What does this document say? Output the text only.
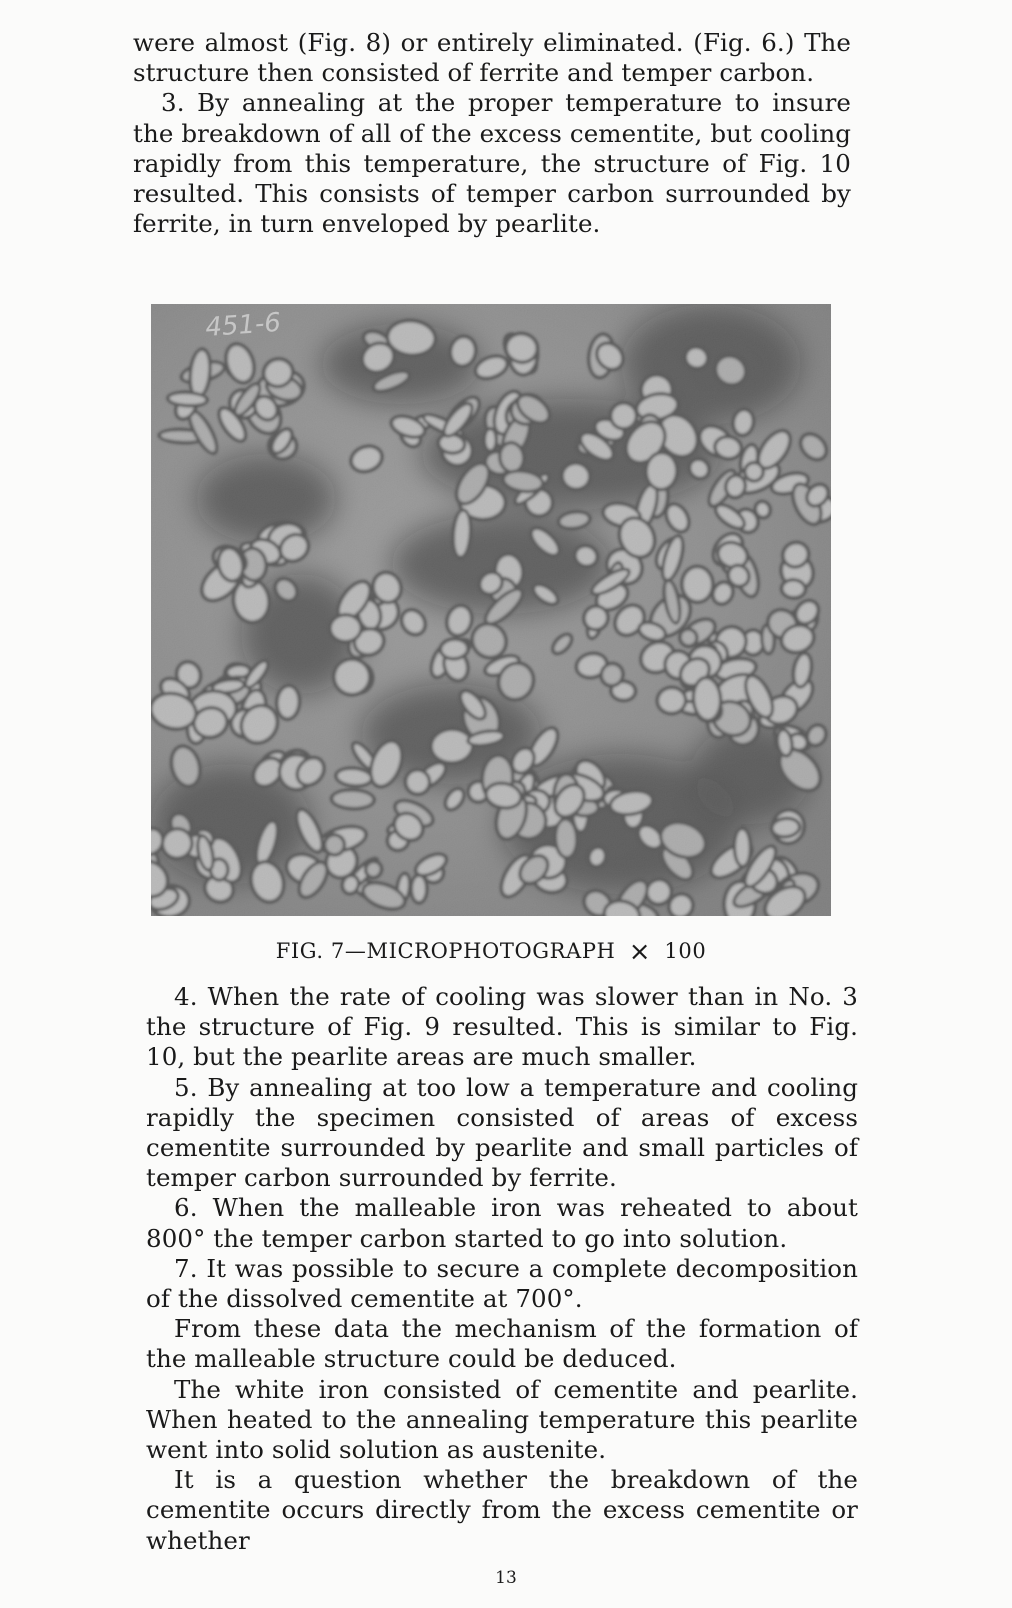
were almost (Fig. 8) or entirely eliminated. (Fig. 6.) The structure then consisted of ferrite and temper carbon.

3. By annealing at the proper temperature to insure the breakdown of all of the excess cementite, but cooling rapidly from this temperature, the structure of Fig. 10 resulted. This consists of temper carbon surrounded by ferrite, in turn enveloped by pearlite.

451-6
FIG. 7—MICROPHOTOGRAPH × 100

4. When the rate of cooling was slower than in No. 3 the structure of Fig. 9 resulted. This is similar to Fig. 10, but the pearlite areas are much smaller.

5. By annealing at too low a temperature and cooling rapidly the specimen consisted of areas of excess cementite surrounded by pearlite and small particles of temper carbon surrounded by ferrite.

6. When the malleable iron was reheated to about 800° the temper carbon started to go into solution.

7. It was possible to secure a complete decomposition of the dissolved cementite at 700°.

From these data the mechanism of the formation of the malleable structure could be deduced.

The white iron consisted of cementite and pearlite. When heated to the annealing temperature this pearlite went into solid solution as austenite.

It is a question whether the breakdown of the cementite occurs directly from the excess cementite or whether

13
